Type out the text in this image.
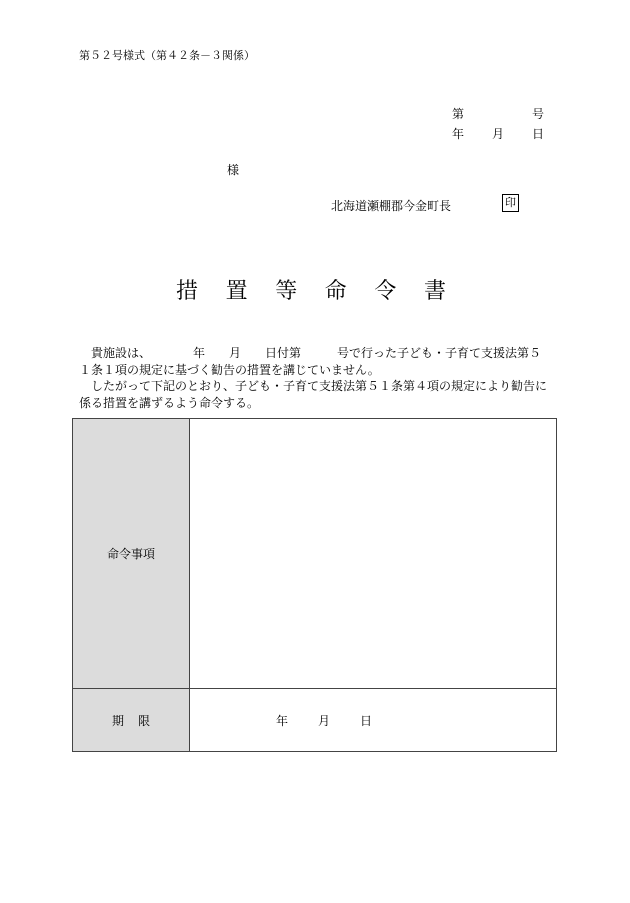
第５２号様式（第４２条－３関係）
第	号
年 月 日
様
北海道瀬棚郡今金町長	印
措 置 等 命 令 書

貴施設は、　　　　年　　月　　日付第　　　号で行った子ども・子育て支援法第５１条１項の規定に基づく勧告の措置を講じていません。

したがって下記のとおり、子ども・子育て支援法第５１条第４項の規定により勧告に係る措置を講ずるよう命令する。

命令事項	
期限	年 月 日
